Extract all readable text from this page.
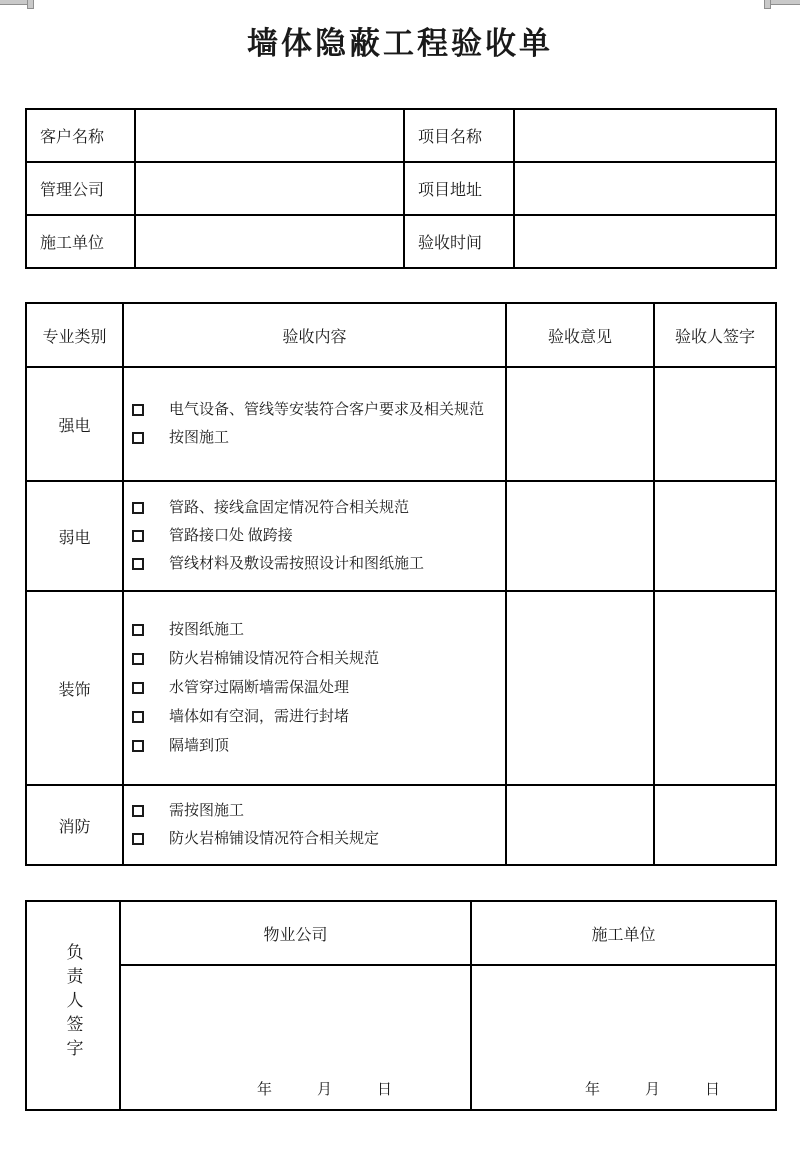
墙体隐蔽工程验收单
客户名称		项目名称	
管理公司		项目地址	
施工单位		验收时间	
专业类别	验收内容	验收意见	验收人签字
强电	电气设备、管线等安装符合客户要求及相关规范
按图施工		

弱电	管路、接线盒固定情况符合相关规范
管路接口处 做跨接
管线材料及敷设需按照设计和图纸施工		

装饰	按图纸施工
防火岩棉铺设情况符合相关规范
水管穿过隔断墙需保温处理
墙体如有空洞，需进行封堵
隔墙到顶		

消防	需按图施工
防火岩棉铺设情况符合相关规定		

负责人签字	物业公司	施工单位

	年　　　月　　　日	年　　　月　　　日
